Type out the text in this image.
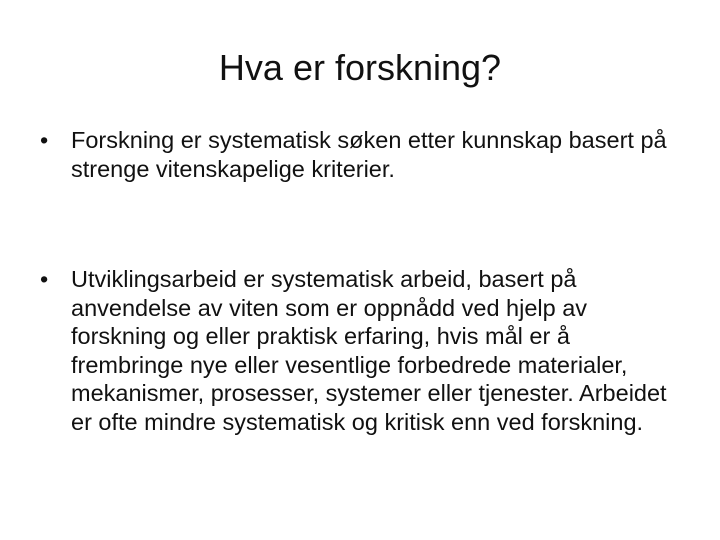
Hva er forskning?
• Forskning er systematisk søken etter kunnskap basert på strenge vitenskapelige kriterier.
• Utviklingsarbeid er systematisk arbeid, basert på anvendelse av viten som er oppnådd ved hjelp av forskning og eller praktisk erfaring, hvis mål er å frembringe nye eller vesentlige forbedrede materialer, mekanismer, prosesser, systemer eller tjenester. Arbeidet er ofte mindre systematisk og kritisk enn ved forskning.
